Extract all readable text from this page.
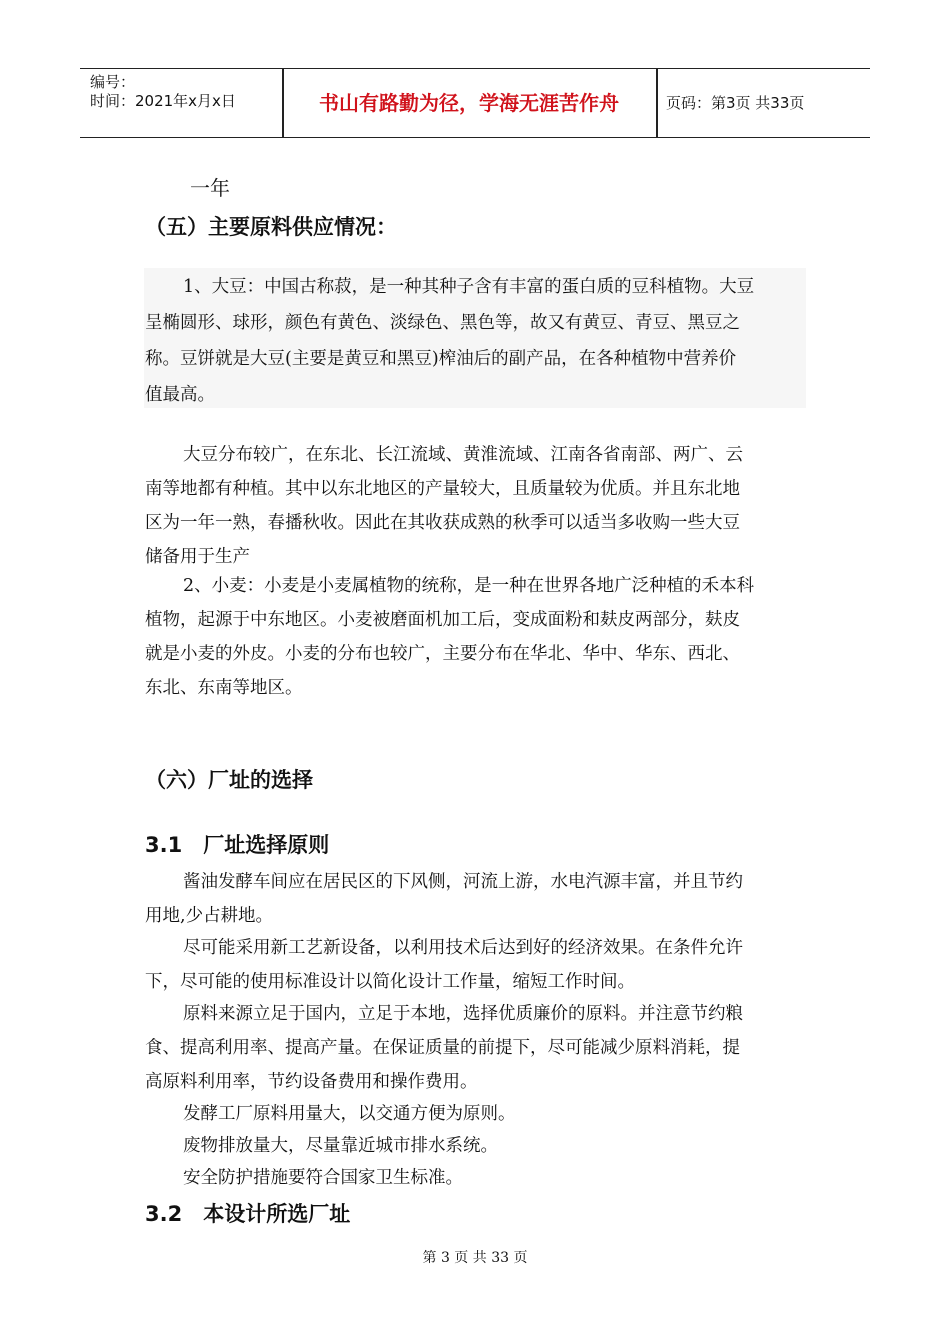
编号：
时间：2021年x月x日	书山有路勤为径，学海无涯苦作舟	页码：第3页 共33页
一年
（五）主要原料供应情况：
1、大豆：中国古称菽，是一种其种子含有丰富的蛋白质的豆科植物。大豆
呈椭圆形、球形，颜色有黄色、淡绿色、黑色等，故又有黄豆、青豆、黑豆之
称。豆饼就是大豆(主要是黄豆和黑豆)榨油后的副产品，在各种植物中营养价
值最高。
大豆分布较广，在东北、长江流域、黄淮流域、江南各省南部、两广、云
南等地都有种植。其中以东北地区的产量较大，且质量较为优质。并且东北地
区为一年一熟，春播秋收。因此在其收获成熟的秋季可以适当多收购一些大豆
储备用于生产
2、小麦：小麦是小麦属植物的统称，是一种在世界各地广泛种植的禾本科
植物，起源于中东地区。小麦被磨面机加工后，变成面粉和麸皮两部分，麸皮
就是小麦的外皮。小麦的分布也较广，主要分布在华北、华中、华东、西北、
东北、东南等地区。
（六）厂址的选择
3.1　厂址选择原则
酱油发酵车间应在居民区的下风侧，河流上游，水电汽源丰富，并且节约
用地,少占耕地。
尽可能采用新工艺新设备，以利用技术后达到好的经济效果。在条件允许
下，尽可能的使用标准设计以简化设计工作量，缩短工作时间。
原料来源立足于国内，立足于本地，选择优质廉价的原料。并注意节约粮
食、提高利用率、提高产量。在保证质量的前提下，尽可能减少原料消耗，提
高原料利用率，节约设备费用和操作费用。
发酵工厂原料用量大，以交通方便为原则。
废物排放量大，尽量靠近城市排水系统。
安全防护措施要符合国家卫生标准。
3.2　本设计所选厂址
第 3 页 共 33 页
